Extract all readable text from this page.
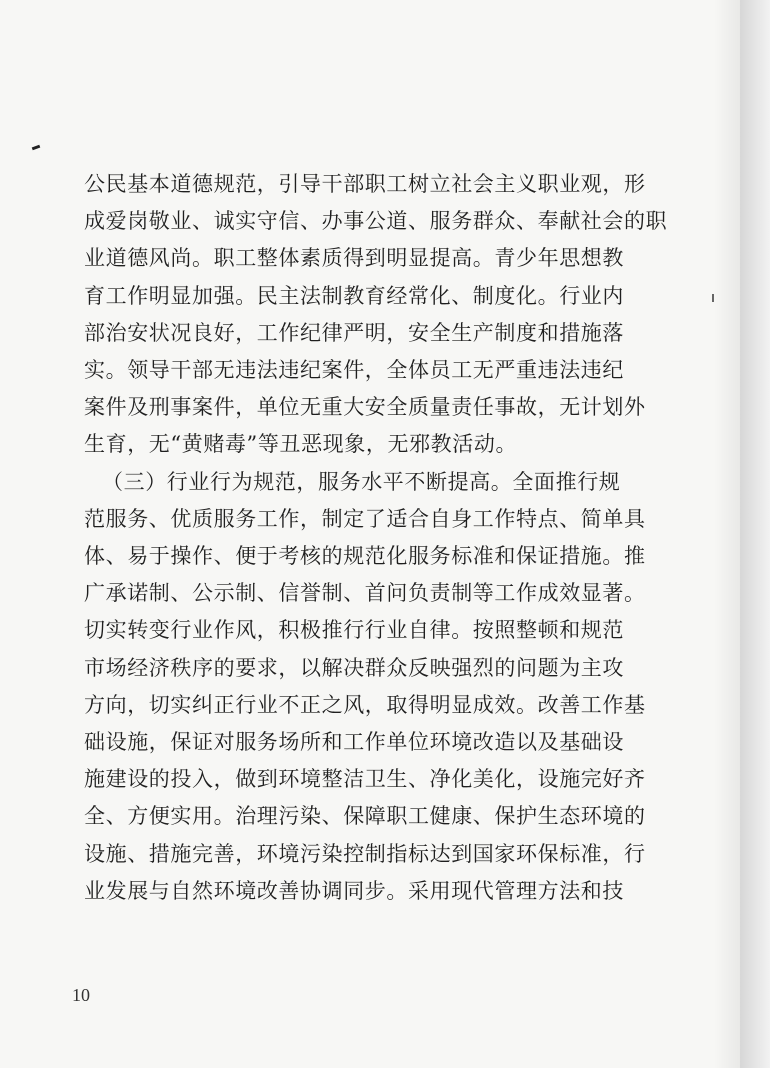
公民基本道德规范，引导干部职工树立社会主义职业观，形
成爱岗敬业、诚实守信、办事公道、服务群众、奉献社会的职
业道德风尚。职工整体素质得到明显提高。青少年思想教
育工作明显加强。民主法制教育经常化、制度化。行业内
部治安状况良好，工作纪律严明，安全生产制度和措施落
实。领导干部无违法违纪案件，全体员工无严重违法违纪
案件及刑事案件，单位无重大安全质量责任事故，无计划外
生育，无“黄赌毒”等丑恶现象，无邪教活动。
（三）行业行为规范，服务水平不断提高。全面推行规
范服务、优质服务工作，制定了适合自身工作特点、简单具
体、易于操作、便于考核的规范化服务标准和保证措施。推
广承诺制、公示制、信誉制、首问负责制等工作成效显著。
切实转变行业作风，积极推行行业自律。按照整顿和规范
市场经济秩序的要求，以解决群众反映强烈的问题为主攻
方向，切实纠正行业不正之风，取得明显成效。改善工作基
础设施，保证对服务场所和工作单位环境改造以及基础设
施建设的投入，做到环境整洁卫生、净化美化，设施完好齐
全、方便实用。治理污染、保障职工健康、保护生态环境的
设施、措施完善，环境污染控制指标达到国家环保标准，行
业发展与自然环境改善协调同步。采用现代管理方法和技
10
